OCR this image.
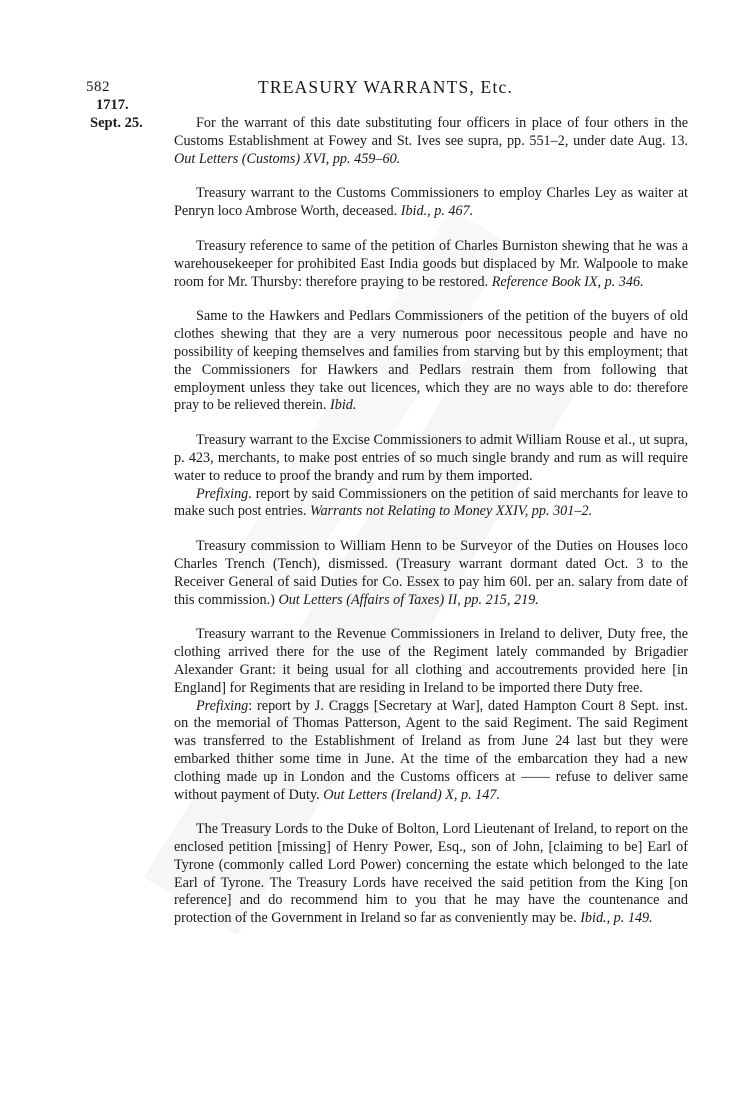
582	TREASURY WARRANTS, Etc.
1717.
Sept. 25.	For the warrant of this date substituting four officers in place of four others in the Customs Establishment at Fowey and St. Ives see supra, pp. 551–2, under date Aug. 13. Out Letters (Customs) XVI, pp. 459–60.

Treasury warrant to the Customs Commissioners to employ Charles Ley as waiter at Penryn loco Ambrose Worth, deceased. Ibid., p. 467.

Treasury reference to same of the petition of Charles Burniston shewing that he was a warehousekeeper for prohibited East India goods but displaced by Mr. Walpoole to make room for Mr. Thursby: therefore praying to be restored. Reference Book IX, p. 346.

Same to the Hawkers and Pedlars Commissioners of the petition of the buyers of old clothes shewing that they are a very numerous poor necessitous people and have no possibility of keeping themselves and families from starving but by this employment; that the Commissioners for Hawkers and Pedlars restrain them from following that employment unless they take out licences, which they are no ways able to do: therefore pray to be relieved therein. Ibid.

Treasury warrant to the Excise Commissioners to admit William Rouse et al., ut supra, p. 423, merchants, to make post entries of so much single brandy and rum as will require water to reduce to proof the brandy and rum by them imported.

Prefixing. report by said Commissioners on the petition of said merchants for leave to make such post entries. Warrants not Relating to Money XXIV, pp. 301–2.

Treasury commission to William Henn to be Surveyor of the Duties on Houses loco Charles Trench (Tench), dismissed. (Treasury warrant dormant dated Oct. 3 to the Receiver General of said Duties for Co. Essex to pay him 60l. per an. salary from date of this commission.) Out Letters (Affairs of Taxes) II, pp. 215, 219.

Treasury warrant to the Revenue Commissioners in Ireland to deliver, Duty free, the clothing arrived there for the use of the Regiment lately commanded by Brigadier Alexander Grant: it being usual for all clothing and accoutrements provided here [in England] for Regiments that are residing in Ireland to be imported there Duty free.

Prefixing: report by J. Craggs [Secretary at War], dated Hampton Court 8 Sept. inst. on the memorial of Thomas Patterson, Agent to the said Regiment. The said Regiment was transferred to the Establishment of Ireland as from June 24 last but they were embarked thither some time in June. At the time of the embarcation they had a new clothing made up in London and the Customs officers at —— refuse to deliver same without payment of Duty. Out Letters (Ireland) X, p. 147.

The Treasury Lords to the Duke of Bolton, Lord Lieutenant of Ireland, to report on the enclosed petition [missing] of Henry Power, Esq., son of John, [claiming to be] Earl of Tyrone (commonly called Lord Power) concerning the estate which belonged to the late Earl of Tyrone. The Treasury Lords have received the said petition from the King [on reference] and do recommend him to you that he may have the countenance and protection of the Government in Ireland so far as conveniently may be. Ibid., p. 149.
